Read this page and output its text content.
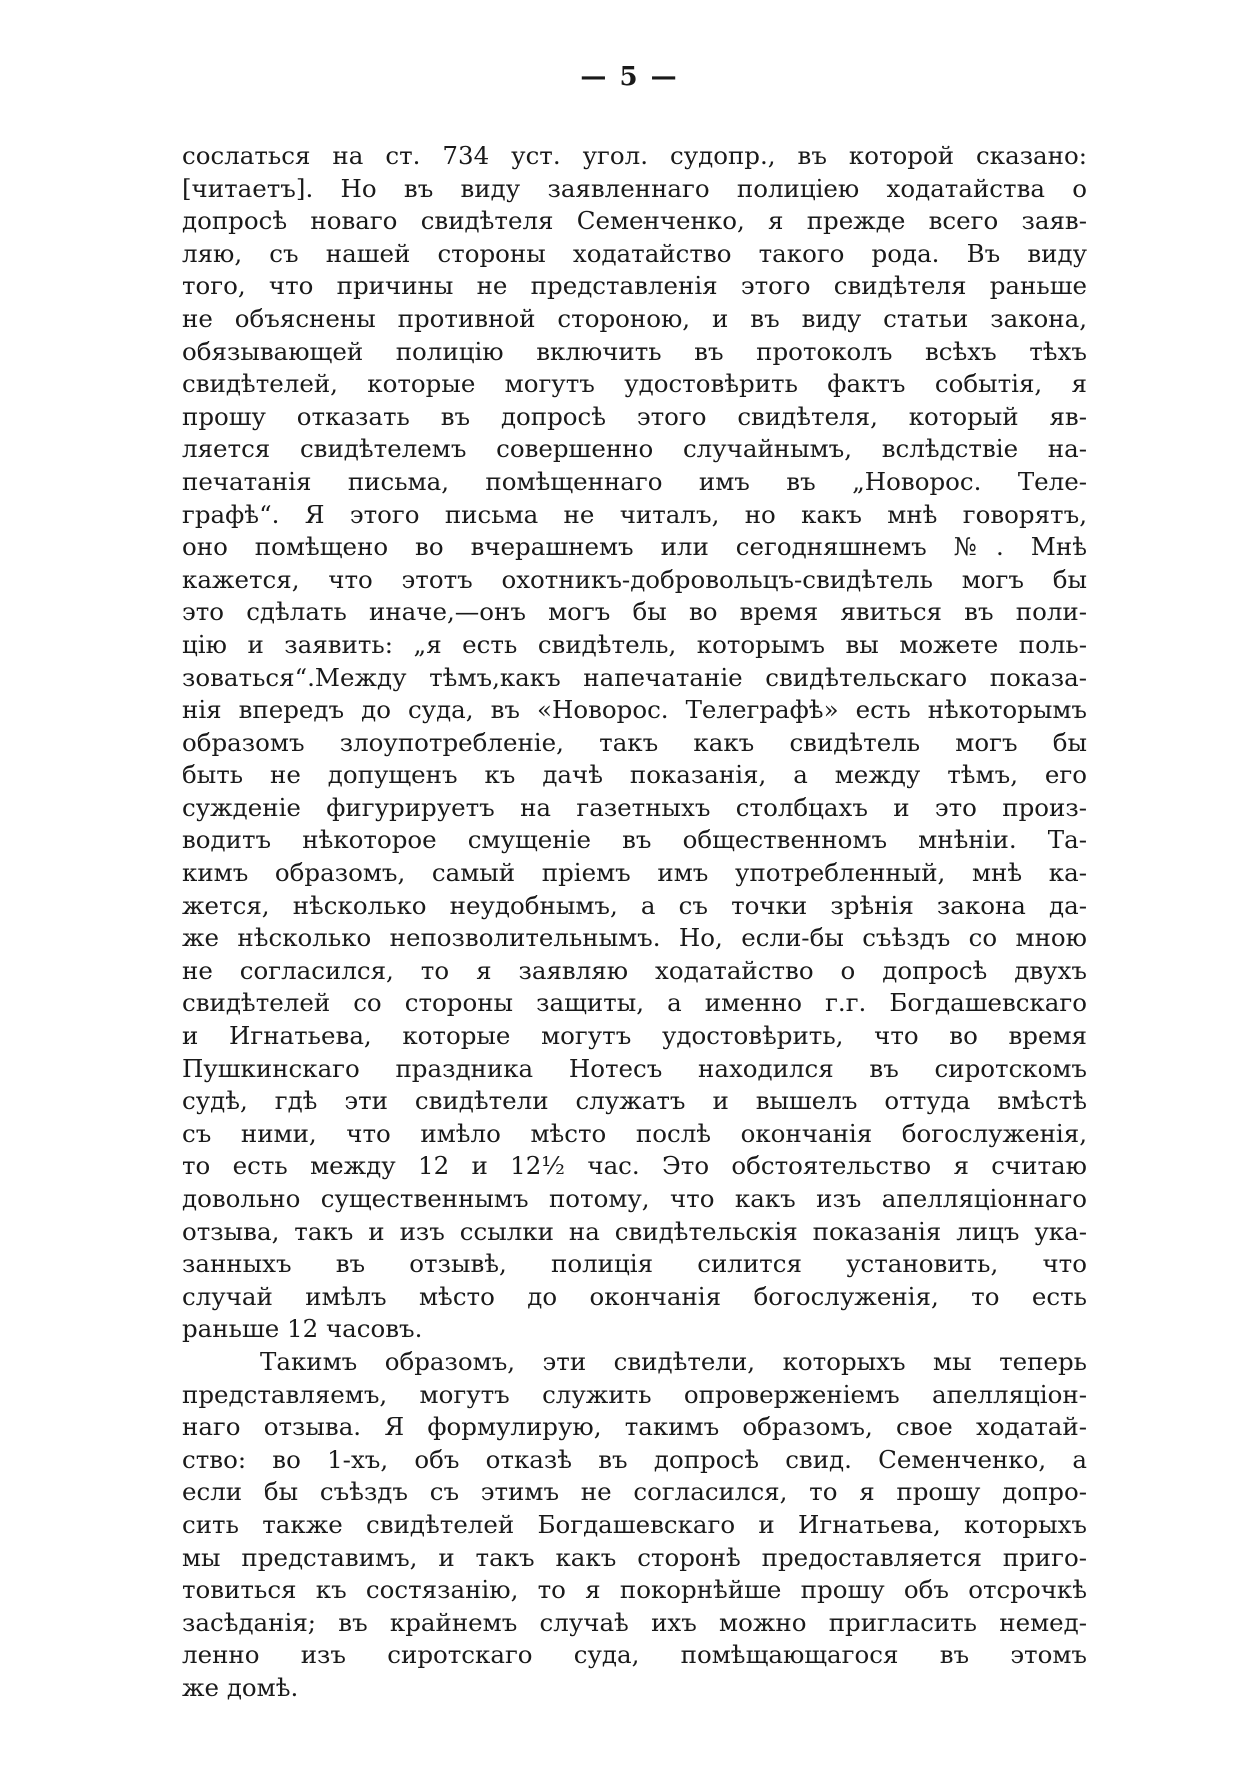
— 5 —
сослаться на ст. 734 уст. угол. судопр., въ которой сказано:
[читаетъ]. Но въ виду заявленнаго полиціею ходатайства о
допросѣ новаго свидѣтеля Семенченко, я прежде всего заяв-
ляю, съ нашей стороны ходатайство такого рода. Въ виду
того, что причины не представленія этого свидѣтеля раньше
не объяснены противной стороною, и въ виду статьи закона,
обязывающей полицію включить въ протоколъ всѣхъ тѣхъ
свидѣтелей, которые могутъ удостовѣрить фактъ событія, я
прошу отказать въ допросѣ этого свидѣтеля, который яв-
ляется свидѣтелемъ совершенно случайнымъ, вслѣдствіе на-
печатанія письма, помѣщеннаго имъ въ „Новорос. Теле-
графѣ“. Я этого письма не читалъ, но какъ мнѣ говорятъ,
оно помѣщено во вчерашнемъ или сегодняшнемъ №. Мнѣ
кажется, что этотъ охотникъ-добровольцъ-свидѣтель могъ бы
это сдѣлать иначе,—онъ могъ бы во время явиться въ поли-
цію и заявить: „я есть свидѣтель, которымъ вы можете поль-
зоваться“.Между тѣмъ,какъ напечатаніе свидѣтельскаго показа-
нія впередъ до суда, въ «Новорос. Телеграфѣ» есть нѣкоторымъ
образомъ злоупотребленіе, такъ какъ свидѣтель могъ бы
быть не допущенъ къ дачѣ показанія, а между тѣмъ, его
сужденіе фигурируетъ на газетныхъ столбцахъ и это произ-
водитъ нѣкоторое смущеніе въ общественномъ мнѣніи. Та-
кимъ образомъ, самый пріемъ имъ употребленный, мнѣ ка-
жется, нѣсколько неудобнымъ, а съ точки зрѣнія закона да-
же нѣсколько непозволительнымъ. Но, если-бы съѣздъ со мною
не согласился, то я заявляю ходатайство о допросѣ двухъ
свидѣтелей со стороны защиты, а именно г.г. Богдашевскаго
и Игнатьева, которые могутъ удостовѣрить, что во время
Пушкинскаго праздника Нотесъ находился въ сиротскомъ
судѣ, гдѣ эти свидѣтели служатъ и вышелъ оттуда вмѣстѣ
съ ними, что имѣло мѣсто послѣ окончанія богослуженія,
то есть между 12 и 12½ час. Это обстоятельство я считаю
довольно существеннымъ потому, что какъ изъ апелляціоннаго
отзыва, такъ и изъ ссылки на свидѣтельскія показанія лицъ ука-
занныхъ въ отзывѣ, полиція силится установить, что
случай имѣлъ мѣсто до окончанія богослуженія, то есть
раньше 12 часовъ.
Такимъ образомъ, эти свидѣтели, которыхъ мы теперь
представляемъ, могутъ служить опроверженіемъ апелляціон-
наго отзыва. Я формулирую, такимъ образомъ, свое ходатай-
ство: во 1-хъ, объ отказѣ въ допросѣ свид. Семенченко, а
если бы съѣздъ съ этимъ не согласился, то я прошу допро-
сить также свидѣтелей Богдашевскаго и Игнатьева, которыхъ
мы представимъ, и такъ какъ сторонѣ предоставляется приго-
товиться къ состязанію, то я покорнѣйше прошу объ отсрочкѣ
засѣданія; въ крайнемъ случаѣ ихъ можно пригласить немед-
ленно изъ сиротскаго суда, помѣщающагося въ этомъ
же домѣ.
